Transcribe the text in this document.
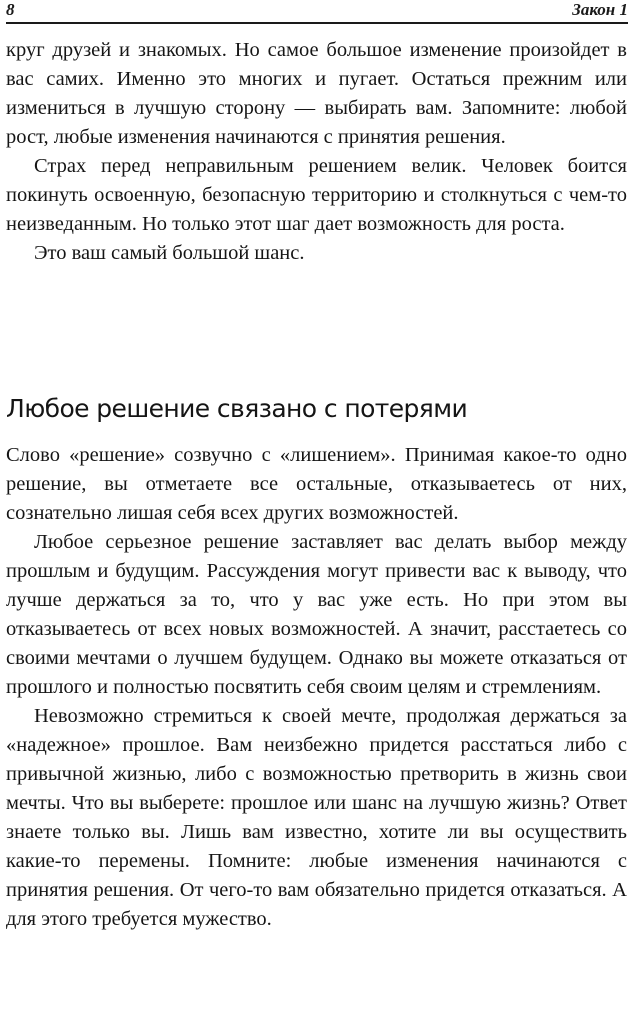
8	Закон 1

круг друзей и знакомых. Но самое большое изменение произойдет в вас самих. Именно это многих и пугает. Остаться прежним или измениться в лучшую сторону — выбирать вам. Запомните: любой рост, любые изменения начинаются с принятия решения.

Страх перед неправильным решением велик. Человек боится покинуть освоенную, безопасную территорию и столкнуться с чем-то неизведанным. Но только этот шаг дает возможность для роста.

Это ваш самый большой шанс.

Любое решение связано с потерями

Слово «решение» созвучно с «лишением». Принимая какое-то одно решение, вы отметаете все остальные, отказываетесь от них, сознательно лишая себя всех других возможностей.

Любое серьезное решение заставляет вас делать выбор между прошлым и будущим. Рассуждения могут привести вас к выводу, что лучше держаться за то, что у вас уже есть. Но при этом вы отказываетесь от всех новых возможностей. А значит, расстаетесь со своими мечтами о лучшем будущем. Однако вы можете отказаться от прошлого и полностью посвятить себя своим целям и стремлениям.

Невозможно стремиться к своей мечте, продолжая держаться за «надежное» прошлое. Вам неизбежно придется расстаться либо с привычной жизнью, либо с возможностью претворить в жизнь свои мечты. Что вы выберете: прошлое или шанс на лучшую жизнь? Ответ знаете только вы. Лишь вам известно, хотите ли вы осуществить какие-то перемены. Помните: любые изменения начинаются с принятия решения. От чего-то вам обязательно придется отказаться. А для этого требуется мужество.
